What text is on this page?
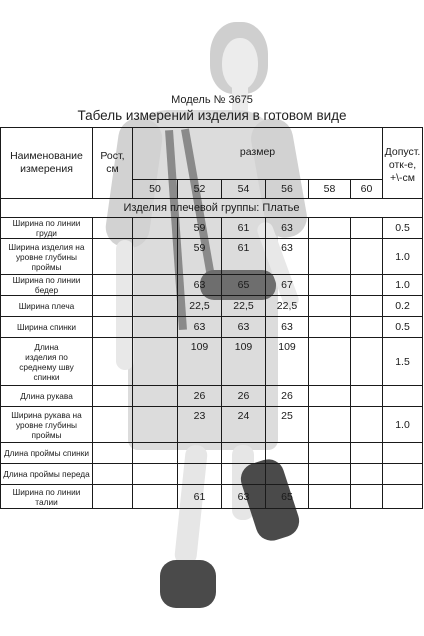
Модель № 3675
Табель измерений изделия в готовом виде
Наименование измерения	Рост, см	размер						Допуст. отк-е, +\-см
		50	52	54	56	58	60	
Изделия плечевой группы: Платье								
Ширина по линии груди			59	61	63			0.5
Ширина изделия на уровне глубины проймы			59	61	63			1.0
Ширина по линии бедер			63	65	67			1.0
Ширина плеча			22,5	22,5	22,5			0.2
Ширина спинки			63	63	63			0.5
Длина изделия по среднему шву спинки			109	109	109			1.5
Длина рукава			26	26	26			
Ширина рукава на уровне глубины проймы			23	24	25			1.0
Длина проймы спинки								
Длина проймы переда								
Ширина по линии талии			61	63	65			
